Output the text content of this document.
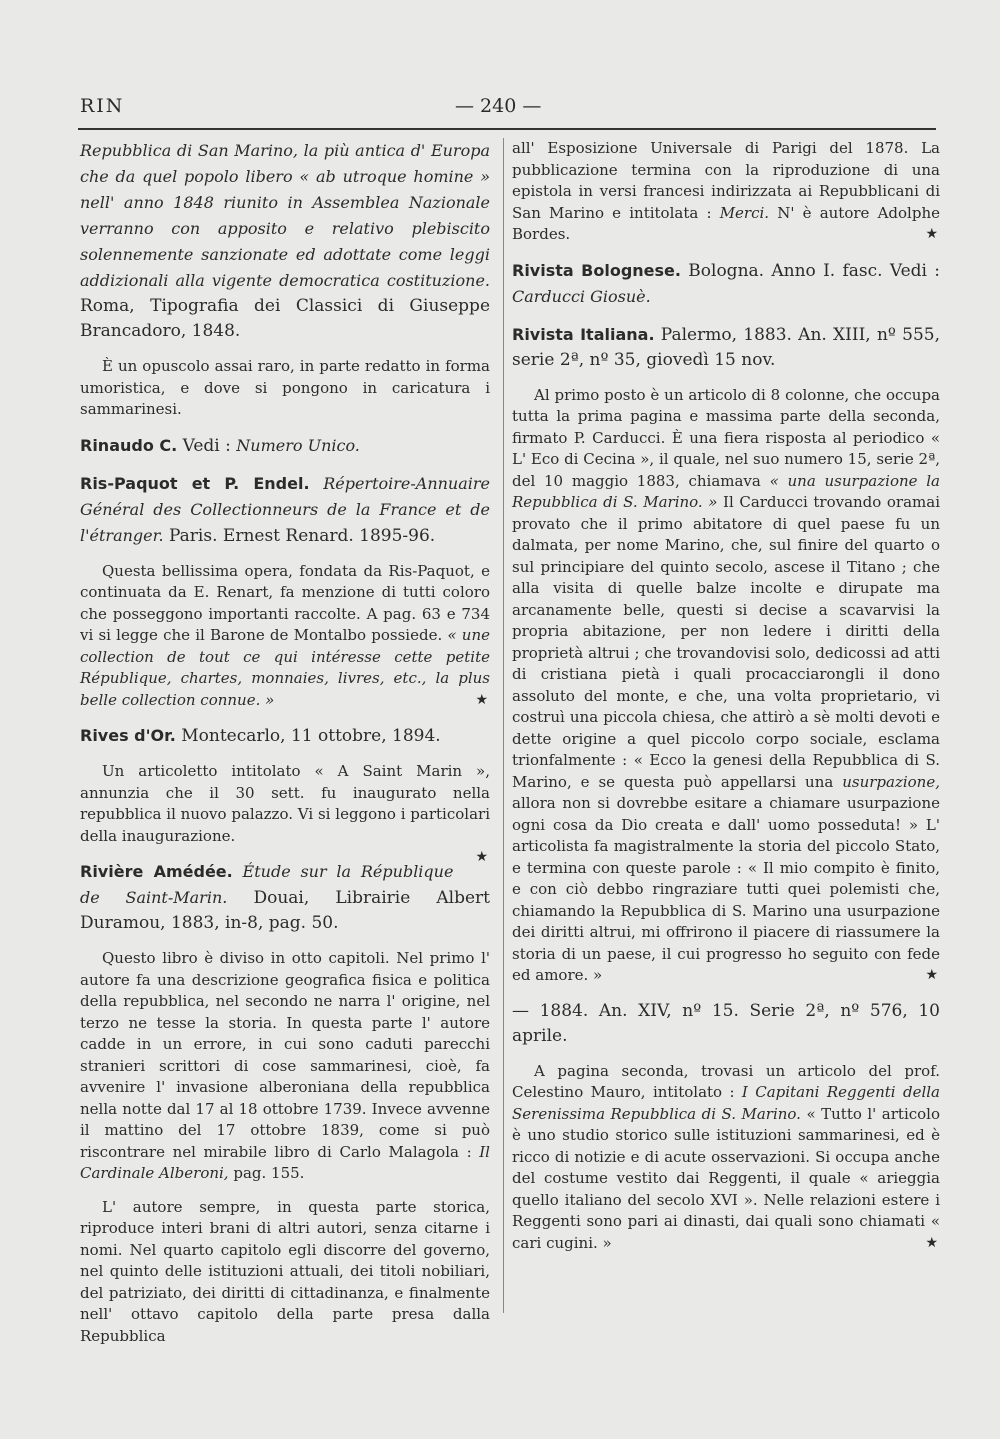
RIN	— 240 —

Repubblica di San Marino, la più antica d' Europa che da quel popolo libero « ab utroque homine » nell' anno 1848 riunito in Assemblea Nazionale verranno con apposito e relativo plebiscito solennemente sanzionate ed adottate come leggi addizionali alla vigente democratica costituzione. Roma, Tipografia dei Classici di Giuseppe Brancadoro, 1848.

È un opuscolo assai raro, in parte redatto in forma umoristica, e dove si pongono in caricatura i sammarinesi.

Rinaudo C. Vedi : Numero Unico.

Ris-Paquot et P. Endel. Répertoire-Annuaire Général des Collectionneurs de la France et de l'étranger. Paris. Ernest Renard. 1895-96.

Questa bellissima opera, fondata da Ris-Paquot, e continuata da E. Renart, fa menzione di tutti coloro che posseggono importanti raccolte. A pag. 63 e 734 vi si legge che il Barone de Montalbo possiede. « une collection de tout ce qui intéresse cette petite République, chartes, monnaies, livres, etc., la plus belle collection connue. »	★

Rives d'Or. Montecarlo, 11 ottobre, 1894.

Un articoletto intitolato « A Saint Marin », annunzia che il 30 sett. fu inaugurato nella repubblica il nuovo palazzo. Vi si leggono i particolari della inaugurazione.

★

Rivière Amédée. Étude sur la République de Saint-Marin. Douai, Librairie Albert Duramou, 1883, in-8, pag. 50.

Questo libro è diviso in otto capitoli. Nel primo l' autore fa una descrizione geografica fisica e politica della repubblica, nel secondo ne narra l' origine, nel terzo ne tesse la storia. In questa parte l' autore cadde in un errore, in cui sono caduti parecchi stranieri scrittori di cose sammarinesi, cioè, fa avvenire l' invasione alberoniana della repubblica nella notte dal 17 al 18 ottobre 1739. Invece avvenne il mattino del 17 ottobre 1839, come si può riscontrare nel mirabile libro di Carlo Malagola : Il Cardinale Alberoni, pag. 155.

L' autore sempre, in questa parte storica, riproduce interi brani di altri autori, senza citarne i nomi. Nel quarto capitolo egli discorre del governo, nel quinto delle istituzioni attuali, dei titoli nobiliari, del patriziato, dei diritti di cittadinanza, e finalmente nell' ottavo capitolo della parte presa dalla Repubblica

all' Esposizione Universale di Parigi del 1878. La pubblicazione termina con la riproduzione di una epistola in versi francesi indirizzata ai Repubblicani di San Marino e intitolata : Merci. N' è autore Adolphe Bordes.	★

Rivista Bolognese. Bologna. Anno I. fasc. Vedi : Carducci Giosuè.

Rivista Italiana. Palermo, 1883. An. XIII, nº 555, serie 2ª, nº 35, giovedì 15 nov.

Al primo posto è un articolo di 8 colonne, che occupa tutta la prima pagina e massima parte della seconda, firmato P. Carducci. È una fiera risposta al periodico « L' Eco di Cecina », il quale, nel suo numero 15, serie 2ª, del 10 maggio 1883, chiamava « una usurpazione la Repubblica di S. Marino. » Il Carducci trovando oramai provato che il primo abitatore di quel paese fu un dalmata, per nome Marino, che, sul finire del quarto o sul principiare del quinto secolo, ascese il Titano ; che alla visita di quelle balze incolte e dirupate ma arcanamente belle, questi si decise a scavarvisi la propria abitazione, per non ledere i diritti della proprietà altrui ; che trovandovisi solo, dedicossi ad atti di cristiana pietà i quali procacciarongli il dono assoluto del monte, e che, una volta proprietario, vi costruì una piccola chiesa, che attirò a sè molti devoti e dette origine a quel piccolo corpo sociale, esclama trionfalmente : « Ecco la genesi della Repubblica di S. Marino, e se questa può appellarsi una usurpazione, allora non si dovrebbe esitare a chiamare usurpazione ogni cosa da Dio creata e dall' uomo posseduta! » L' articolista fa magistralmente la storia del piccolo Stato, e termina con queste parole : « Il mio compito è finito, e con ciò debbo ringraziare tutti quei polemisti che, chiamando la Repubblica di S. Marino una usurpazione dei diritti altrui, mi offrirono il piacere di riassumere la storia di un paese, il cui progresso ho seguito con fede ed amore. »	★

— 1884. An. XIV, nº 15. Serie 2ª, nº 576, 10 aprile.

A pagina seconda, trovasi un articolo del prof. Celestino Mauro, intitolato : I Capitani Reggenti della Serenissima Repubblica di S. Marino. « Tutto l' articolo è uno studio storico sulle istituzioni sammarinesi, ed è ricco di notizie e di acute osservazioni. Si occupa anche del costume vestito dai Reggenti, il quale « arieggia quello italiano del secolo XVI ». Nelle relazioni estere i Reggenti sono pari ai dinasti, dai quali sono chiamati « cari cugini. »	★
